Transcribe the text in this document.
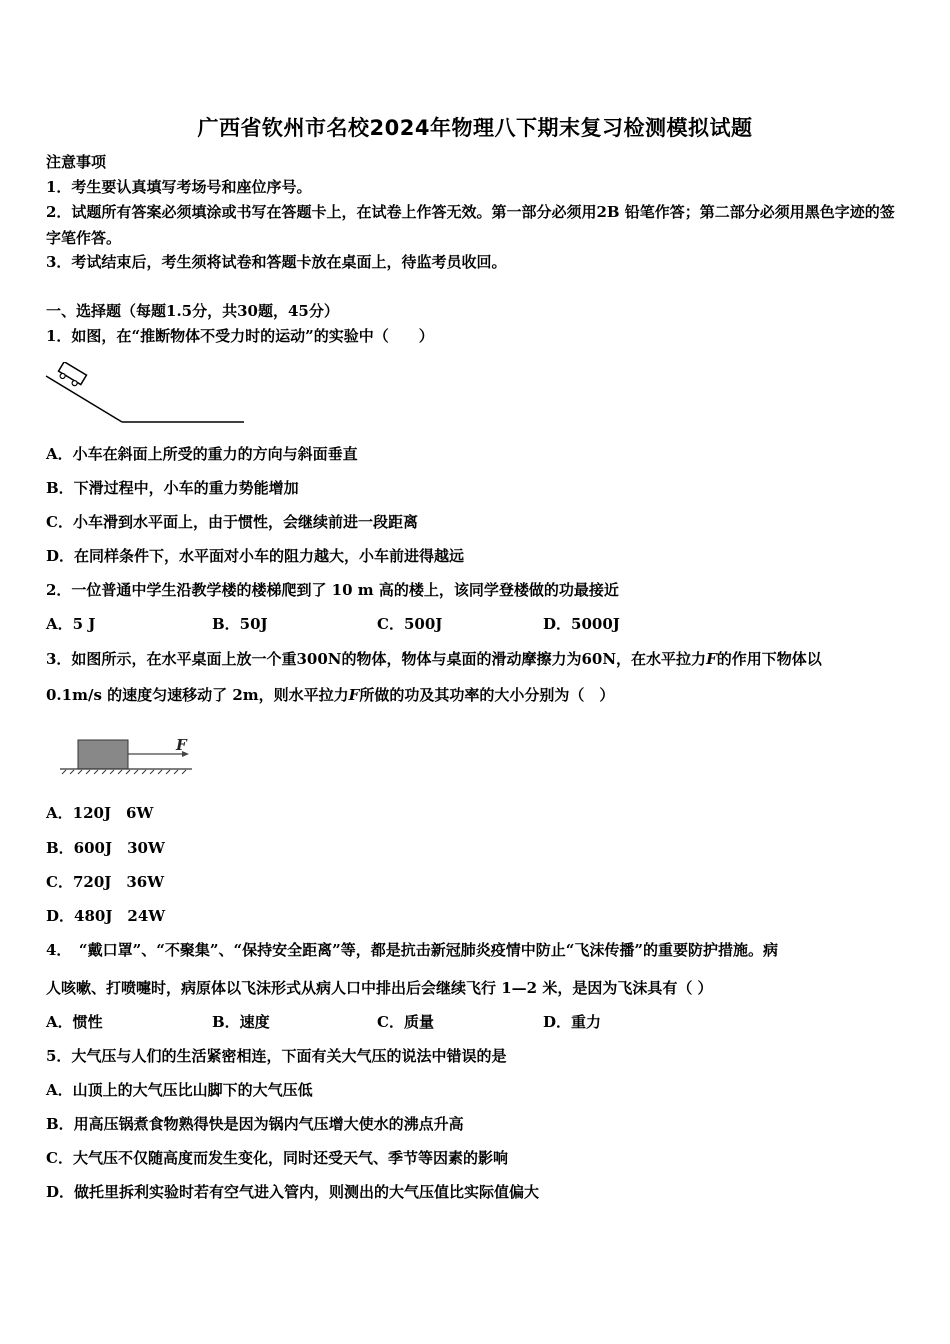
广西省钦州市名校2024年物理八下期末复习检测模拟试题
注意事项
1．考生要认真填写考场号和座位序号。
2．试题所有答案必须填涂或书写在答题卡上，在试卷上作答无效。第一部分必须用2B 铅笔作答；第二部分必须用黑色字迹的签字笔作答。
3．考试结束后，考生须将试卷和答题卡放在桌面上，待监考员收回。
一、选择题（每题1.5分，共30题，45分）
1．如图，在“推断物体不受力时的运动”的实验中（　　）
A．小车在斜面上所受的重力的方向与斜面垂直
B．下滑过程中，小车的重力势能增加
C．小车滑到水平面上，由于惯性，会继续前进一段距离
D．在同样条件下，水平面对小车的阻力越大，小车前进得越远
2．一位普通中学生沿教学楼的楼梯爬到了 10 m 高的楼上，该同学登楼做的功最接近
A．5 J	B．50J	C．500J	D．5000J
3．如图所示，在水平桌面上放一个重300N的物体，物体与桌面的滑动摩擦力为60N，在水平拉力F的作用下物体以
0.1m/s 的速度匀速移动了 2m，则水平拉力F所做的功及其功率的大小分别为（　）
F
A．120J　6W
B．600J　30W
C．720J　36W
D．480J　24W
4．　“戴口罩”、“不聚集”、“保持安全距离”等，都是抗击新冠肺炎疫情中防止“飞沫传播”的重要防护措施。病
人咳嗽、打喷嚏时，病原体以飞沫形式从病人口中排出后会继续飞行 1—2 米，是因为飞沫具有（ ）
A．惯性	B．速度	C．质量	D．重力
5．大气压与人们的生活紧密相连，下面有关大气压的说法中错误的是
A．山顶上的大气压比山脚下的大气压低
B．用高压锅煮食物熟得快是因为锅内气压增大使水的沸点升高
C．大气压不仅随高度而发生变化，同时还受天气、季节等因素的影响
D．做托里拆利实验时若有空气进入管内，则测出的大气压值比实际值偏大
